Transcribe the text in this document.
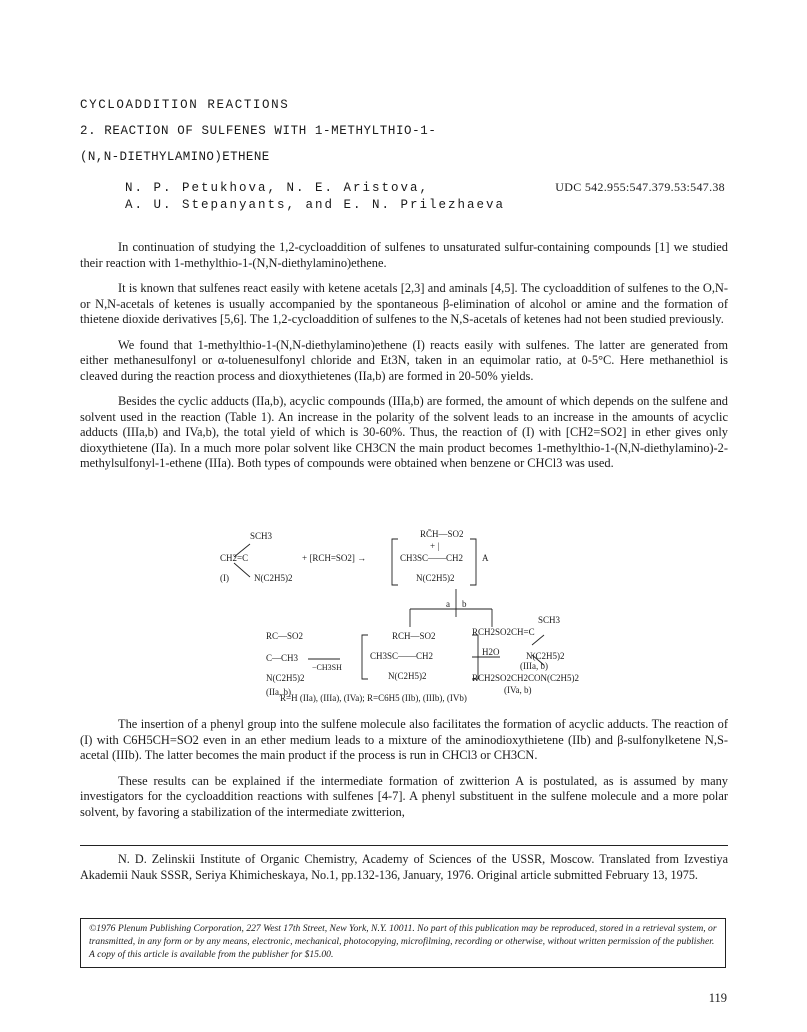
CYCLOADDITION REACTIONS
2. REACTION OF SULFENES WITH 1-METHYLTHIO-1-
(N,N-DIETHYLAMINO)ETHENE
N. P. Petukhova, N. E. Aristova,
A. U. Stepanyants, and E. N. Prilezhaeva
UDC 542.955:547.379.53:547.38

In continuation of studying the 1,2-cycloaddition of sulfenes to unsaturated sulfur-containing compounds [1] we studied their reaction with 1-methylthio-1-(N,N-diethylamino)ethene.

It is known that sulfenes react easily with ketene acetals [2,3] and aminals [4,5]. The cycloaddition of sulfenes to the O,N- or N,N-acetals of ketenes is usually accompanied by the spontaneous β-elimination of alcohol or amine and the formation of thietene dioxide derivatives [5,6]. The 1,2-cycloaddition of sulfenes to the N,S-acetals of ketenes had not been studied previously.

We found that 1-methylthio-1-(N,N-diethylamino)ethene (I) reacts easily with sulfenes. The latter are generated from either methanesulfonyl or α-toluenesulfonyl chloride and Et3N, taken in an equimolar ratio, at 0-5°C. Here methanethiol is cleaved during the reaction process and dioxythietenes (IIa,b) are formed in 20-50% yields.

Besides the cyclic adducts (IIa,b), acyclic compounds (IIIa,b) are formed, the amount of which depends on the sulfene and solvent used in the reaction (Table 1). An increase in the polarity of the solvent leads to an increase in the amounts of acyclic adducts (IIIa,b) and IVa,b), the total yield of which is 30-60%. Thus, the reaction of (I) with [CH2=SO2] in ether gives only dioxythietene (IIa). In a much more polar solvent like CH3CN the main product becomes 1-methylthio-1-(N,N-diethylamino)-2-methylsulfonyl-1-ethene (IIIa). Both types of compounds were obtained when benzene or CHCl3 was used.

SCH3
CH2=C
(I)	N(C2H5)2
+ [RCH=SO2] →
RC̄H—SO2
+ |
CH3SC——CH2
N(C2H5)2
A
a b
RC—SO2
C—CH3
N(C2H5)2
(IIa, b)
−CH3SH
RCH—SO2
CH3SC——CH2
N(C2H5)2
H2O
SCH3
RCH2SO2CH=C
N(C2H5)2
(IIIa, b)
RCH2SO2CH2CON(C2H5)2
(IVa, b)
R=H (IIa), (IIIa), (IVa); R=C6H5 (IIb), (IIIb), (IVb)

The insertion of a phenyl group into the sulfene molecule also facilitates the formation of acyclic adducts. The reaction of (I) with C6H5CH=SO2 even in an ether medium leads to a mixture of the aminodioxythietene (IIb) and β-sulfonylketene N,S-acetal (IIIb). The latter becomes the main product if the process is run in CHCl3 or CH3CN.

These results can be explained if the intermediate formation of zwitterion A is postulated, as is assumed by many investigators for the cycloaddition reactions with sulfenes [4-7]. A phenyl substituent in the sulfene molecule and a more polar solvent, by favoring a stabilization of the intermediate zwitterion,

N. D. Zelinskii Institute of Organic Chemistry, Academy of Sciences of the USSR, Moscow. Translated from Izvestiya Akademii Nauk SSSR, Seriya Khimicheskaya, No.1, pp.132-136, January, 1976. Original article submitted February 13, 1975.

©1976 Plenum Publishing Corporation, 227 West 17th Street, New York, N.Y. 10011. No part of this publication may be reproduced, stored in a retrieval system, or transmitted, in any form or by any means, electronic, mechanical, photocopying, microfilming, recording or otherwise, without written permission of the publisher. A copy of this article is available from the publisher for $15.00.
119
